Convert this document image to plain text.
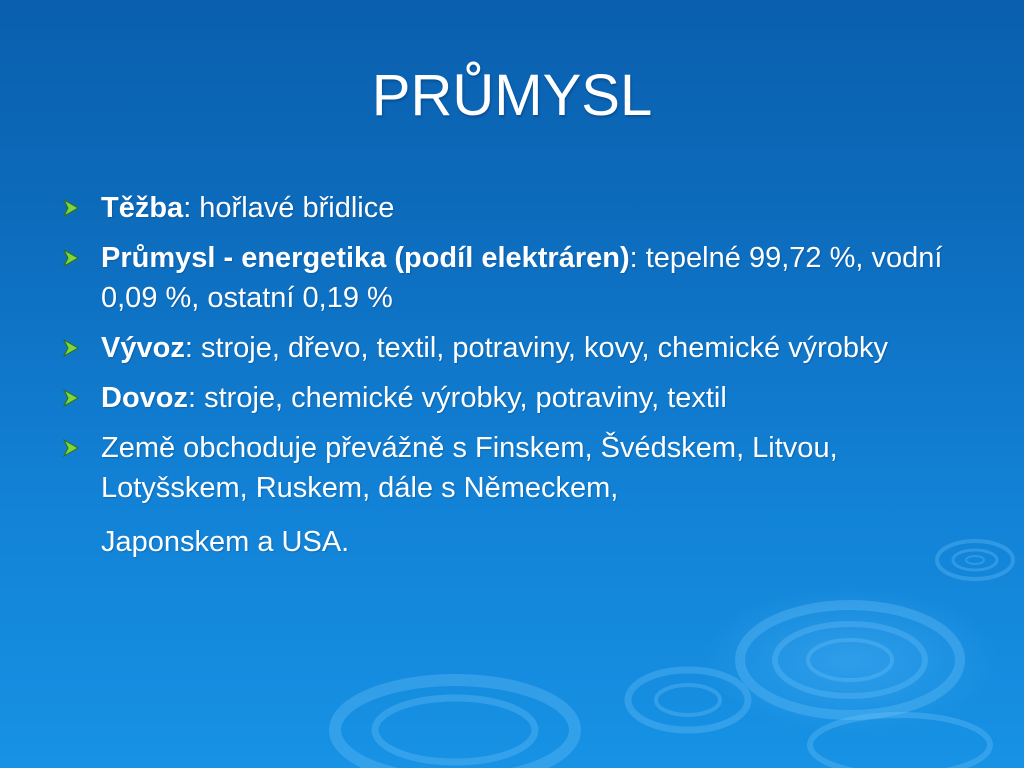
PRŮMYSL
Těžba: hořlavé břidlice
Průmysl - energetika (podíl elektráren): tepelné 99,72 %, vodní 0,09 %, ostatní 0,19 %
Vývoz: stroje, dřevo, textil, potraviny, kovy, chemické výrobky
Dovoz: stroje, chemické výrobky, potraviny, textil
Země obchoduje převážně s Finskem, Švédskem, Litvou, Lotyšskem, Ruskem, dále s Německem,
Japonskem a USA.
